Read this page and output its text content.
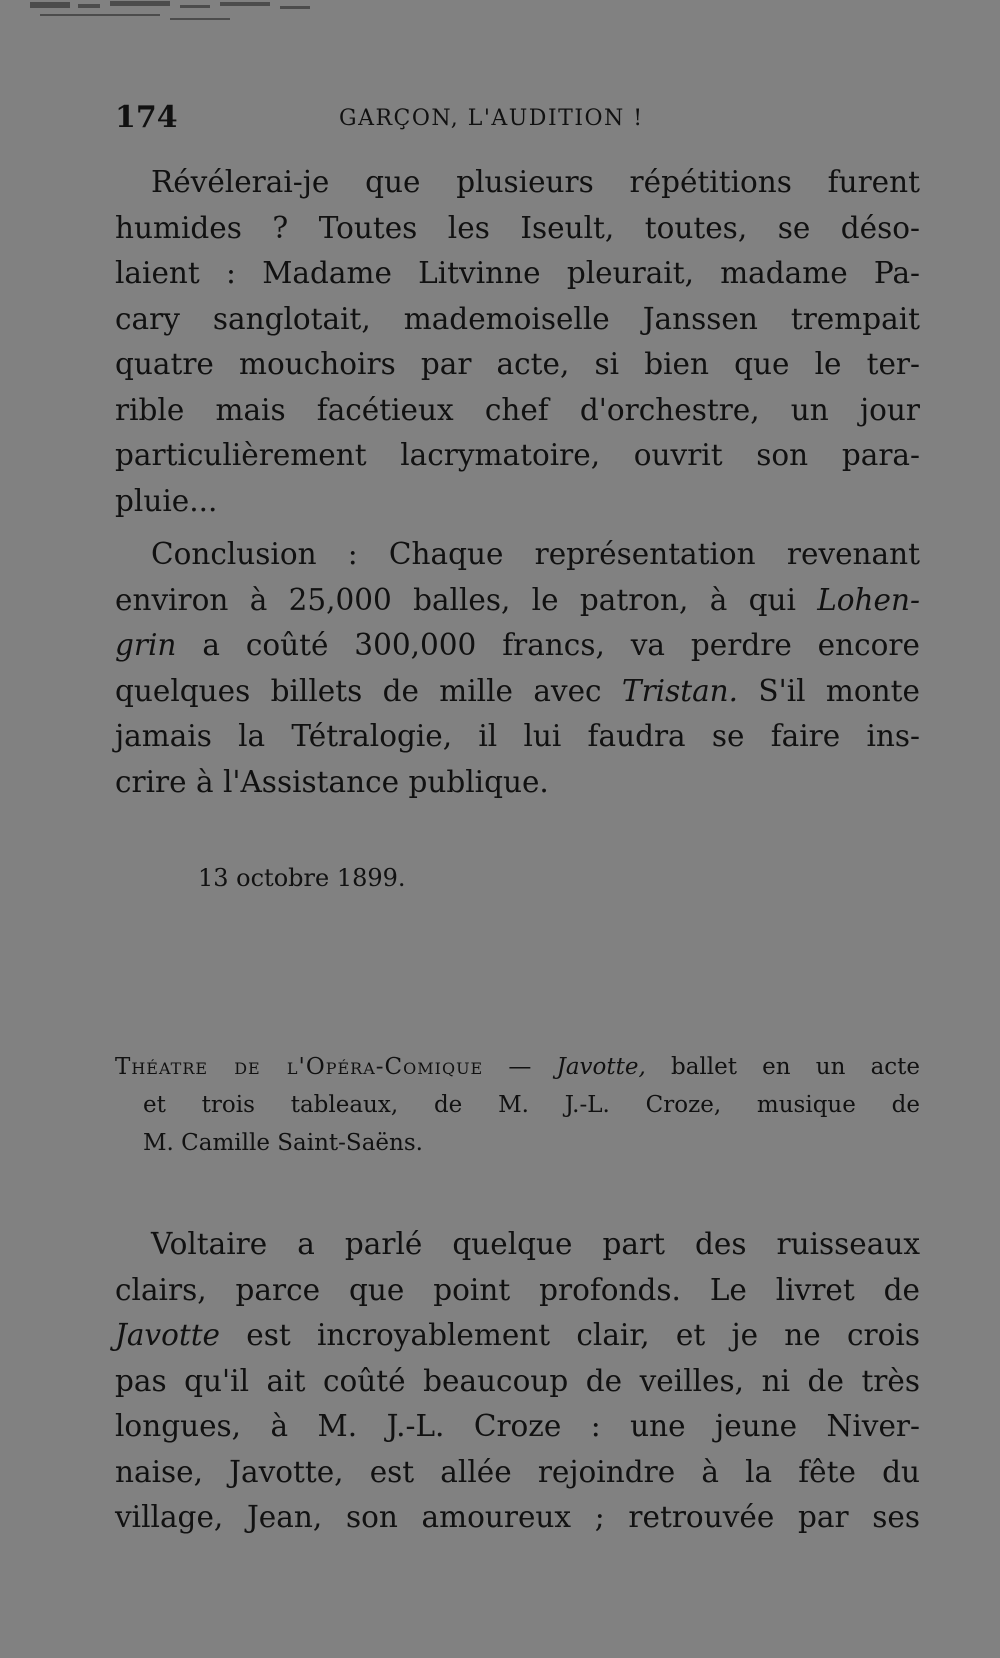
174	GARÇON, L'AUDITION !
Révélerai-je que plusieurs répétitions furent
humides ? Toutes les Iseult, toutes, se déso-
laient : Madame Litvinne pleurait, madame Pa-
cary sanglotait, mademoiselle Janssen trempait
quatre mouchoirs par acte, si bien que le ter-
rible mais facétieux chef d'orchestre, un jour
particulièrement lacrymatoire, ouvrit son para-
pluie...
Conclusion : Chaque représentation revenant
environ à 25,000 balles, le patron, à qui Lohen-
grin a coûté 300,000 francs, va perdre encore
quelques billets de mille avec Tristan. S'il monte
jamais la Tétralogie, il lui faudra se faire ins-
crire à l'Assistance publique.
13 octobre 1899.
Théatre de l'Opéra-Comique — Javotte, ballet en un acte
et trois tableaux, de M. J.-L. Croze, musique de
M. Camille Saint-Saëns.
Voltaire a parlé quelque part des ruisseaux
clairs, parce que point profonds. Le livret de
Javotte est incroyablement clair, et je ne crois
pas qu'il ait coûté beaucoup de veilles, ni de très
longues, à M. J.-L. Croze : une jeune Niver-
naise, Javotte, est allée rejoindre à la fête du
village, Jean, son amoureux ; retrouvée par ses
